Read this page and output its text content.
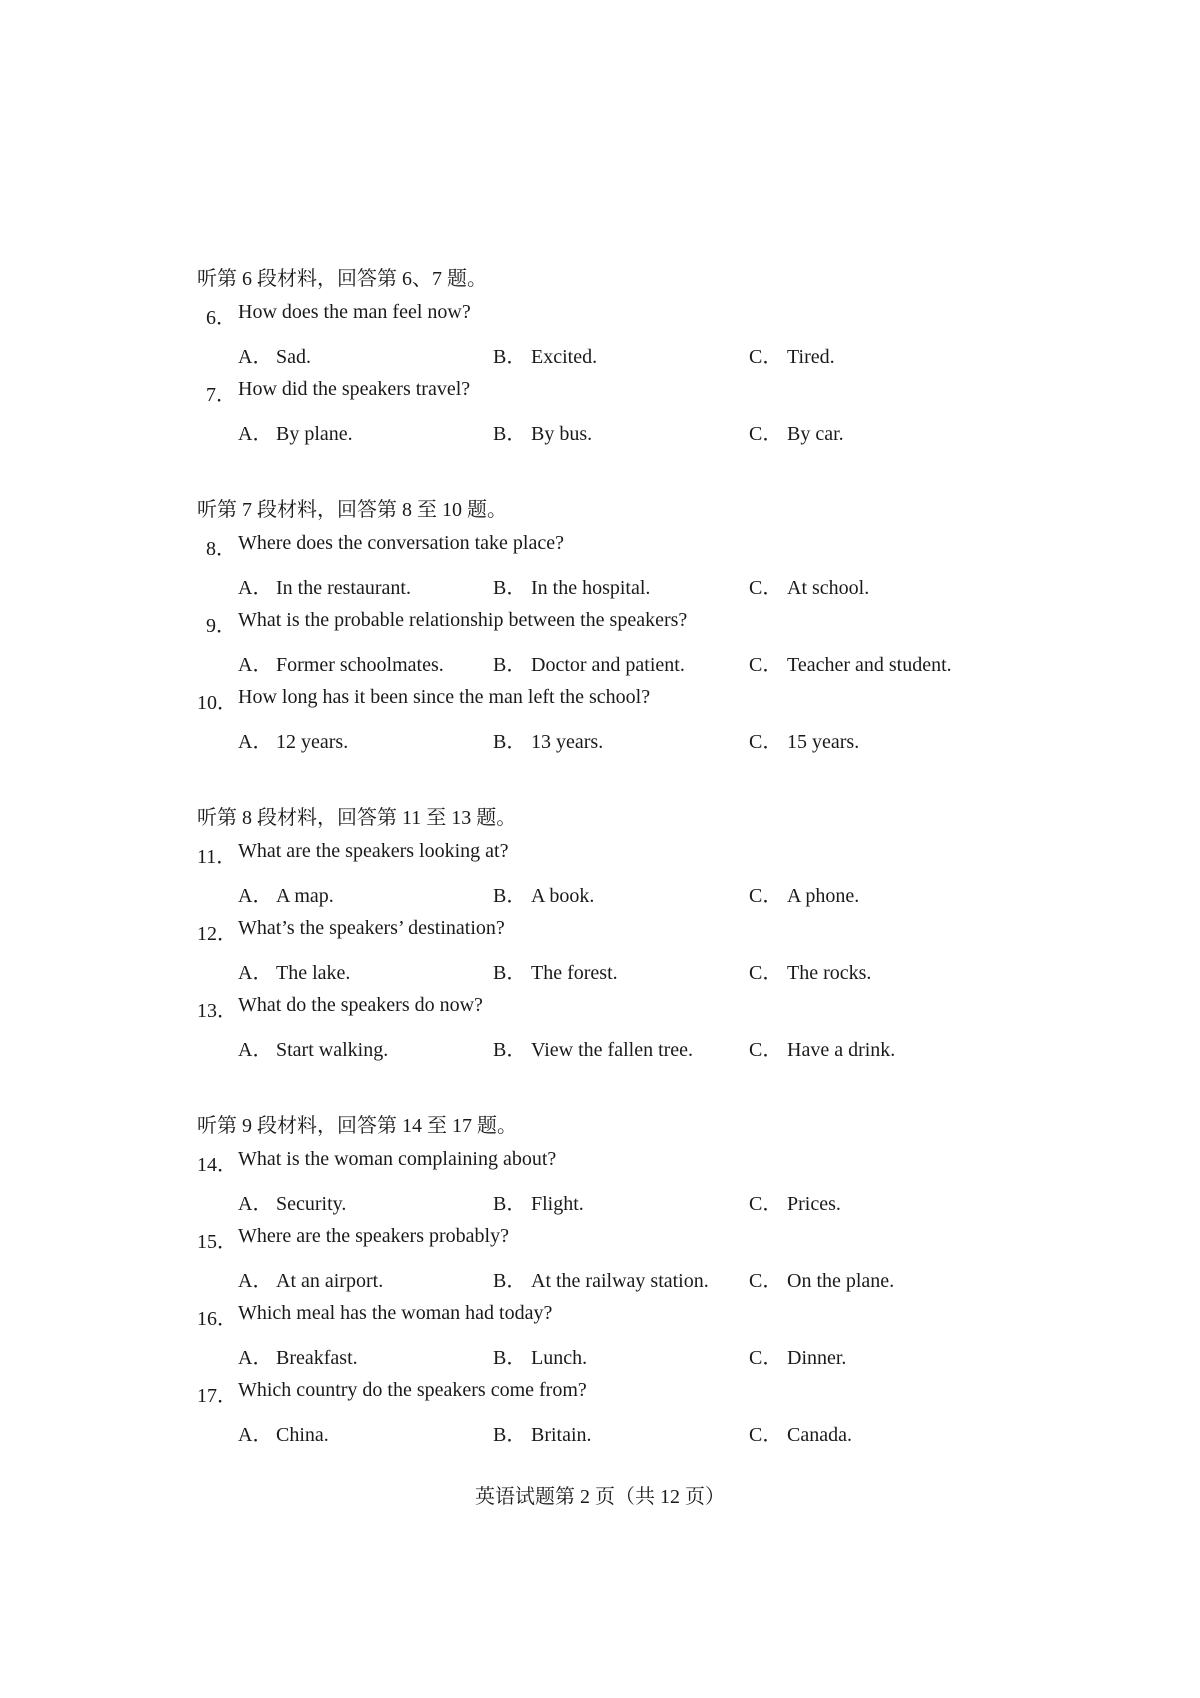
听第 6 段材料，回答第 6、7 题。
6． How does the man feel now?
A． Sad.	B． Excited.	C． Tired.
7． How did the speakers travel?
A． By plane.	B． By bus.	C． By car.
听第 7 段材料，回答第 8 至 10 题。
8． Where does the conversation take place?
A． In the restaurant.	B． In the hospital.	C． At school.
9． What is the probable relationship between the speakers?
A． Former schoolmates. B． Doctor and patient.	C． Teacher and student.
10． How long has it been since the man left the school?
A． 12 years.	B． 13 years.	C． 15 years.
听第 8 段材料，回答第 11 至 13 题。
11． What are the speakers looking at?
A． A map.	B． A book.	C． A phone.
12． What’s the speakers’ destination?
A． The lake.	B． The forest.	C． The rocks.
13． What do the speakers do now?
A． Start walking.	B． View the fallen tree.	C． Have a drink.
听第 9 段材料，回答第 14 至 17 题。
14． What is the woman complaining about?
A． Security.	B． Flight.	C． Prices.
15． Where are the speakers probably?
A． At an airport.	B． At the railway station. C． On the plane.
16． Which meal has the woman had today?
A． Breakfast.	B． Lunch.	C． Dinner.
17． Which country do the speakers come from?
A． China.	B． Britain.	C． Canada.
英语试题第 2 页（共 12 页）
